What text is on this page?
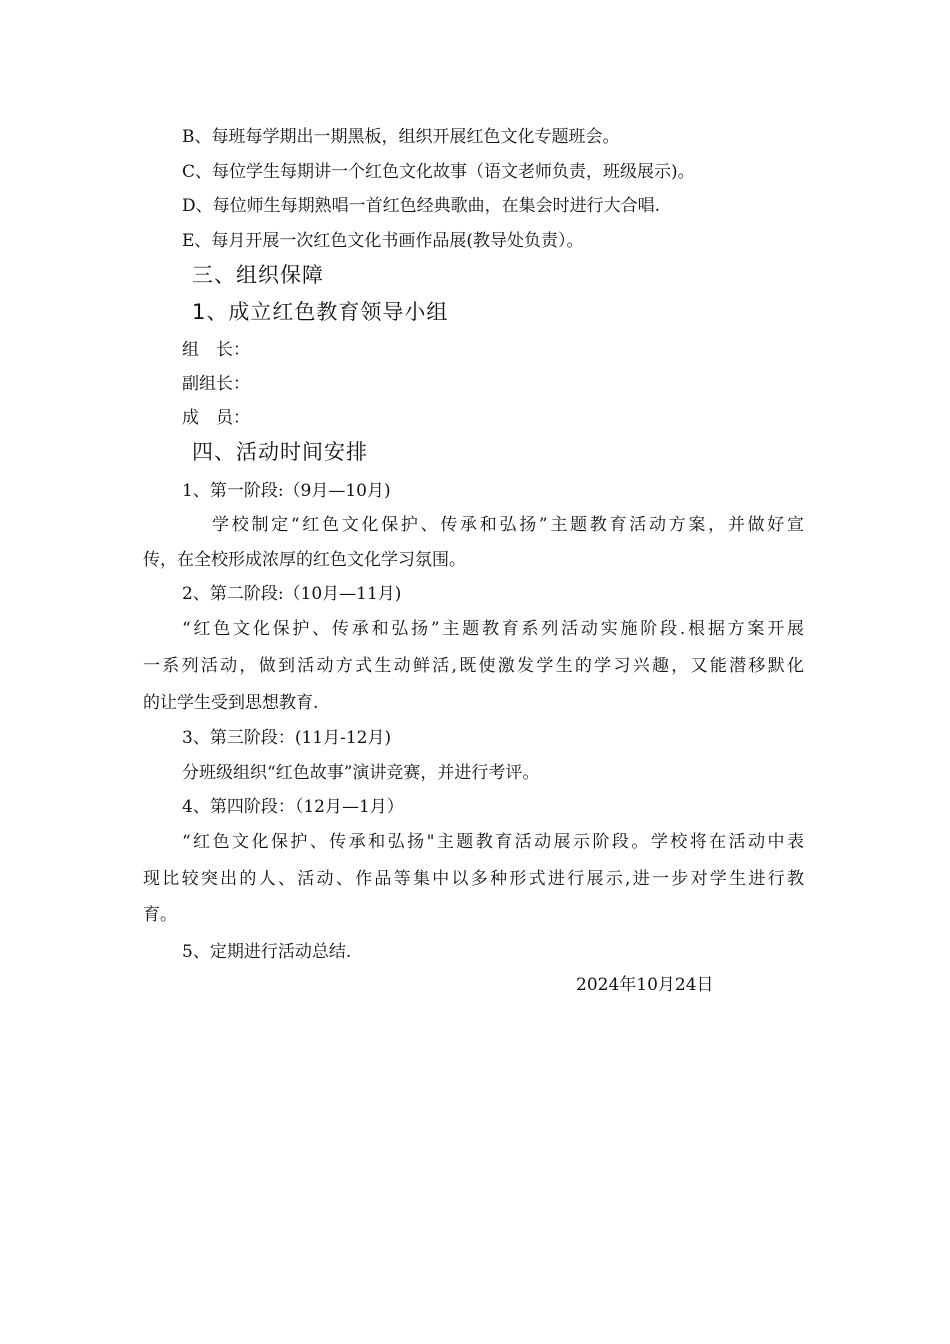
B、每班每学期出一期黑板，组织开展红色文化专题班会。
C、每位学生每期讲一个红色文化故事（语文老师负责，班级展示)。
D、每位师生每期熟唱一首红色经典歌曲，在集会时进行大合唱.
E、每月开展一次红色文化书画作品展(教导处负责）。
三、组织保障
1、成立红色教育领导小组
组　长：
副组长：
成　员：
四、活动时间安排
1、第一阶段:（9月—10月)
学校制定“红色文化保护、传承和弘扬”主题教育活动方案，并做好宣
传，在全校形成浓厚的红色文化学习氛围。
2、第二阶段:（10月—11月)
“红色文化保护、传承和弘扬”主题教育系列活动实施阶段.根据方案开展
一系列活动，做到活动方式生动鲜活,既使激发学生的学习兴趣，又能潜移默化
的让学生受到思想教育.
3、第三阶段：(11月-12月)
分班级组织“红色故事”演讲竞赛，并进行考评。
4、第四阶段：（12月—1月）
“红色文化保护、传承和弘扬"主题教育活动展示阶段。学校将在活动中表
现比较突出的人、活动、作品等集中以多种形式进行展示,进一步对学生进行教
育。
5、定期进行活动总结.
2024年10月24日
